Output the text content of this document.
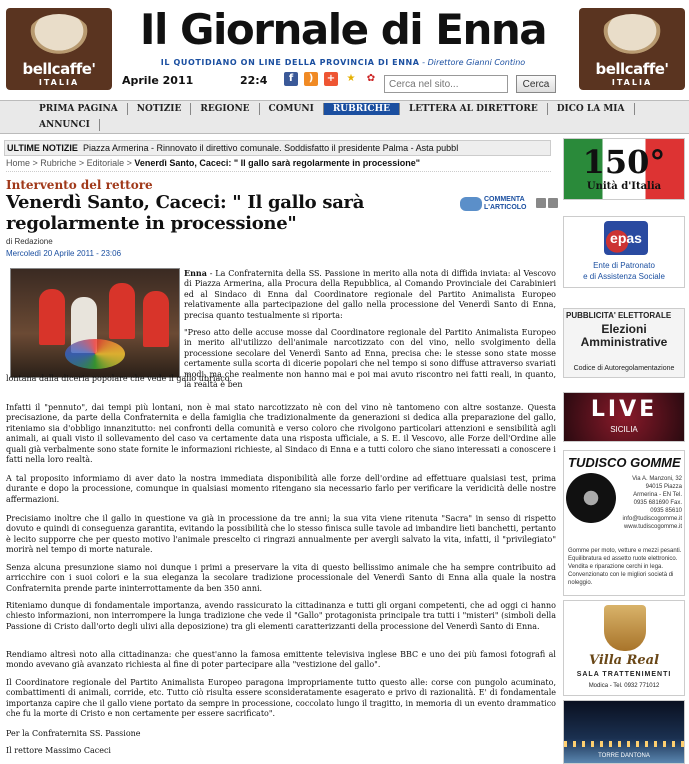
bellcaffe'
ITALIA
Il Giornale di Enna
IL QUOTIDIANO ON LINE DELLA PROVINCIA DI ENNA - Direttore Gianni Contino
Aprile 2011	22:4	f	)	+ ★ ✿
Cerca nel sito...	Cerca
bellcaffe'
ITALIA
PRIMA PAGINA	NOTIZIE	REGIONE	COMUNI	RUBRICHE	LETTERA AL DIRETTORE	DICO LA MIA
ANNUNCI
ULTIME NOTIZIE Piazza Armerina - Rinnovato il direttivo comunale. Soddisfatto il presidente Palma - Asta pubbl
Home > Rubriche > Editoriale > Venerdì Santo, Caceci: " Il gallo sarà regolarmente in processione"
Intervento del rettore
Venerdì Santo, Caceci: " Il gallo sarà regolarmente in processione"
COMMENTA L'ARTICOLO
di Redazione
Mercoledì 20 Aprile 2011 - 23:06
Enna - La Confraternita della SS. Passione in merito alla nota di diffida inviata: al Vescovo di Piazza Armerina, alla Procura della Repubblica, al Comando Provinciale dei Carabinieri ed al Sindaco di Enna dal Coordinatore regionale del Partito Animalista Europeo relativamente alla partecipazione del gallo nella processione del Venerdì Santo di Enna, precisa quanto testualmente si riporta:
"Preso atto delle accuse mosse dal Coordinatore regionale del Partito Animalista Europeo in merito all'utilizzo dell'animale narcotizzato con del vino, nello svolgimento della processione secolare del Venerdì Santo ad Enna, precisa che: le stesse sono state mosse certamente sulla scorta di dicerie popolari che nel tempo si sono diffuse attraverso svariati modi, ma che realmente non hanno mai e poi mai avuto riscontro nei fatti reali, in quanto, la realtà è ben
lontana dalla diceria popolare che vede il gallo ubriaco.
Infatti il "pennuto", dai tempi più lontani, non è mai stato narcotizzato nè con del vino nè tantomeno con altre sostanze. Questa precisazione, da parte della Confraternita e della famiglia che tradizionalmente da generazioni si dedica alla preparazione del gallo, riteniamo sia d'obbligo innanzitutto: nei confronti della comunità e verso coloro che rivolgono particolari attenzioni e sensibilità agli animali, ai quali visto il sollevamento del caso va certamente data una risposta ufficiale, a S. E. il Vescovo, alle Forze dell'Ordine alle quali già verbalmente sono state fornite le informazioni richieste, al Sindaco di Enna e a tutti coloro che siano interessati a conoscere i fatti nella loro realtà.
A tal proposito informiamo di aver dato la nostra immediata disponibilità alle forze dell'ordine ad effettuare qualsiasi test, prima durante e dopo la processione, comunque in qualsiasi momento ritengano sia necessario farlo per verificare la veridicità delle nostre affermazioni.
Precisiamo inoltre che il gallo in questione va già in processione da tre anni; la sua vita viene ritenuta "Sacra" in senso di rispetto dovuto e quindi di conseguenza garantita, evitando la possibilità che lo stesso finisca sulle tavole ad imbandire lieti banchetti, pertanto è lecito supporre che per questo motivo l'animale prescelto ci ringrazi annualmente per avergli salvato la vita, infatti, il "privilegiato" morirà nel tempo di morte naturale.
Senza alcuna presunzione siamo noi dunque i primi a preservare la vita di questo bellissimo animale che ha sempre contribuito ad arricchire con i suoi colori e la sua eleganza la secolare tradizione processionale del Venerdì Santo di Enna alla quale la nostra Confraternita prende parte ininterrottamente da ben 350 anni.
Riteniamo dunque di fondamentale importanza, avendo rassicurato la cittadinanza e tutti gli organi competenti, che ad oggi ci hanno chiesto informazioni, non interrompere la lunga tradizione che vede il "Gallo" protagonista principale tra tutti i "misteri" (simboli della Passione di Cristo dall'orto degli ulivi alla deposizione) tra gli elementi caratterizzanti della processione del Venerdì Santo di Enna.
Rendiamo altresì noto alla cittadinanza: che quest'anno la famosa emittente televisiva inglese BBC e uno dei più famosi fotografi al mondo avevano già avanzato richiesta al fine di poter partecipare alla "vestizione del gallo".
Il Coordinatore regionale del Partito Animalista Europeo paragona impropriamente tutto questo alle: corse con pungolo acuminato, combattimenti di animali, corride, etc. Tutto ciò risulta essere sconsideratamente esagerato e privo di razionalità. E' di fondamentale importanza capire che il gallo viene portato da sempre in processione, coccolato lungo il tragitto, in memoria di un evento drammatico che fu la morte di Cristo e non certamente per essere sacrificato".
Per la Confraternita SS. Passione
Il rettore Massimo Caceci
150°
Unità d'Italia
epas
Ente di Patronato
e di Assistenza Sociale
PUBBLICITA' ELETTORALE
Elezioni Amministrative
Codice di Autoregolamentazione
LIVE
SICILIA
TUDISCO GOMME
Via A. Manzoni, 32 94015 Piazza Armerina - EN Tel. 0935 681690 Fax. 0935 85610 info@tudiscogomme.it www.tudiscogomme.it
Gomme per moto, vetture e mezzi pesanti. Equilibratura ed assetto ruote elettronico. Vendita e riparazione cerchi in lega. Convenzionato con le migliori società di noleggio.
Villa Real
SALA TRATTENIMENTI
Modica - Tel. 0932 771012
TORRE DANTONA
